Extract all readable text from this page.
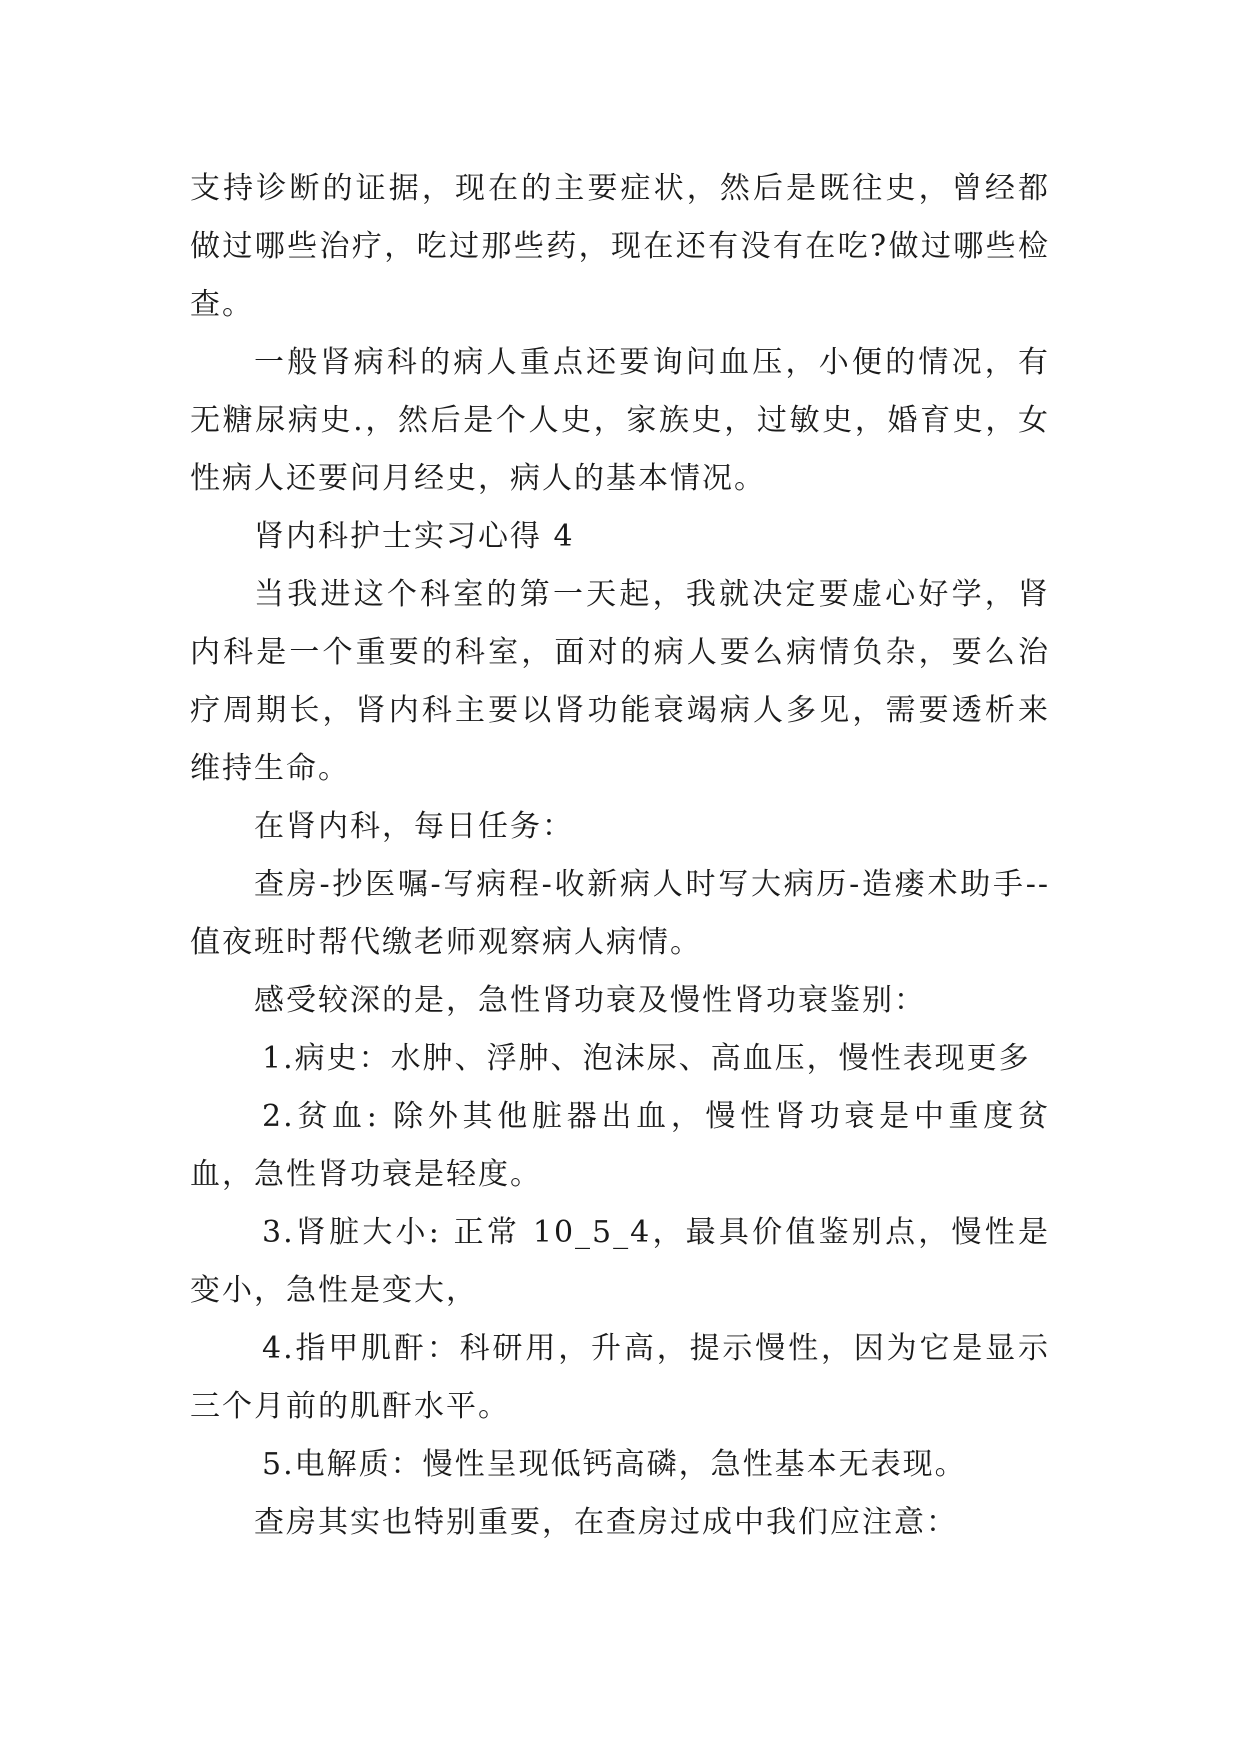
支持诊断的证据，现在的主要症状，然后是既往史，曾经都做过哪些治疗，吃过那些药，现在还有没有在吃?做过哪些检查。

一般肾病科的病人重点还要询问血压，小便的情况，有无糖尿病史.，然后是个人史，家族史，过敏史，婚育史，女性病人还要问月经史，病人的基本情况。

肾内科护士实习心得 4

当我进这个科室的第一天起，我就决定要虚心好学，肾内科是一个重要的科室，面对的病人要么病情负杂，要么治疗周期长，肾内科主要以肾功能衰竭病人多见，需要透析来维持生命。

在肾内科，每日任务：

查房-抄医嘱-写病程-收新病人时写大病历-造瘘术助手--值夜班时帮代缴老师观察病人病情。

感受较深的是，急性肾功衰及慢性肾功衰鉴别：

1.病史：水肿、浮肿、泡沫尿、高血压，慢性表现更多

2.贫血: 除外其他脏器出血，慢性肾功衰是中重度贫血，急性肾功衰是轻度。

3.肾脏大小: 正常 10_5_4，最具价值鉴别点，慢性是变小，急性是变大，

4.指甲肌酐：科研用，升高，提示慢性，因为它是显示三个月前的肌酐水平。

5.电解质：慢性呈现低钙高磷，急性基本无表现。

查房其实也特别重要，在查房过成中我们应注意：
